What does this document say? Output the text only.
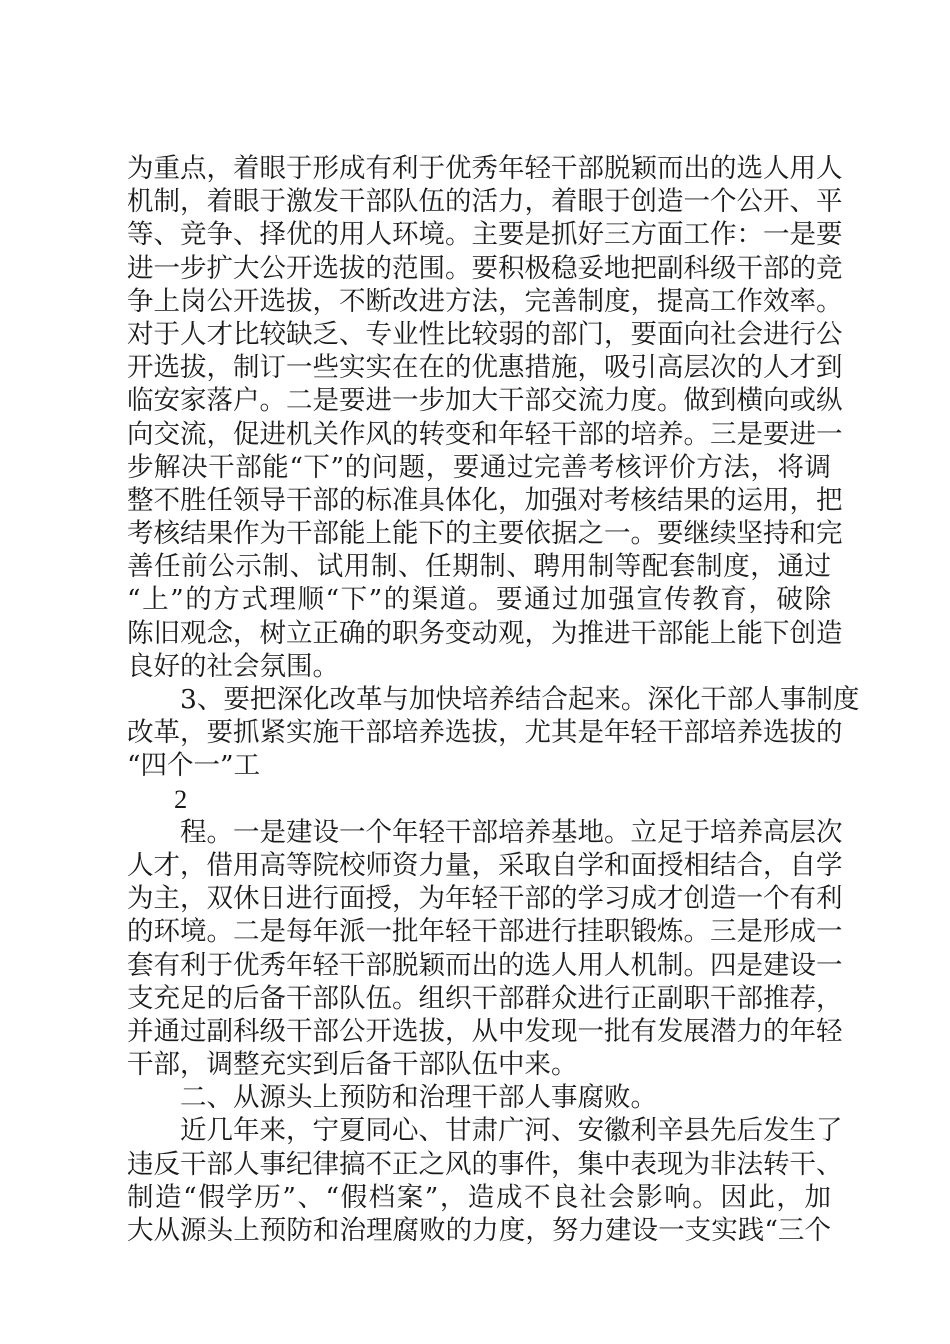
为重点，着眼于形成有利于优秀年轻干部脱颖而出的选人用人
机制，着眼于激发干部队伍的活力，着眼于创造一个公开、平
等、竞争、择优的用人环境。主要是抓好三方面工作：一是要
进一步扩大公开选拔的范围。要积极稳妥地把副科级干部的竞
争上岗公开选拔，不断改进方法，完善制度，提高工作效率。
对于人才比较缺乏、专业性比较弱的部门，要面向社会进行公
开选拔，制订一些实实在在的优惠措施，吸引高层次的人才到
临安家落户。二是要进一步加大干部交流力度。做到横向或纵
向交流，促进机关作风的转变和年轻干部的培养。三是要进一
步解决干部能“下”的问题，要通过完善考核评价方法，将调
整不胜任领导干部的标准具体化，加强对考核结果的运用，把
考核结果作为干部能上能下的主要依据之一。要继续坚持和完
善任前公示制、试用制、任期制、聘用制等配套制度，通过
“上”的方式理顺“下”的渠道。要通过加强宣传教育，破除
陈旧观念，树立正确的职务变动观，为推进干部能上能下创造
良好的社会氛围。
3、要把深化改革与加快培养结合起来。深化干部人事制度
改革，要抓紧实施干部培养选拔，尤其是年轻干部培养选拔的
“四个一”工
2
程。一是建设一个年轻干部培养基地。立足于培养高层次
人才，借用高等院校师资力量，采取自学和面授相结合，自学
为主，双休日进行面授，为年轻干部的学习成才创造一个有利
的环境。二是每年派一批年轻干部进行挂职锻炼。三是形成一
套有利于优秀年轻干部脱颖而出的选人用人机制。四是建设一
支充足的后备干部队伍。组织干部群众进行正副职干部推荐，
并通过副科级干部公开选拔，从中发现一批有发展潜力的年轻
干部，调整充实到后备干部队伍中来。
二、从源头上预防和治理干部人事腐败。
近几年来，宁夏同心、甘肃广河、安徽利辛县先后发生了
违反干部人事纪律搞不正之风的事件，集中表现为非法转干、
制造“假学历”、“假档案”，造成不良社会影响。因此，加
大从源头上预防和治理腐败的力度，努力建设一支实践“三个
